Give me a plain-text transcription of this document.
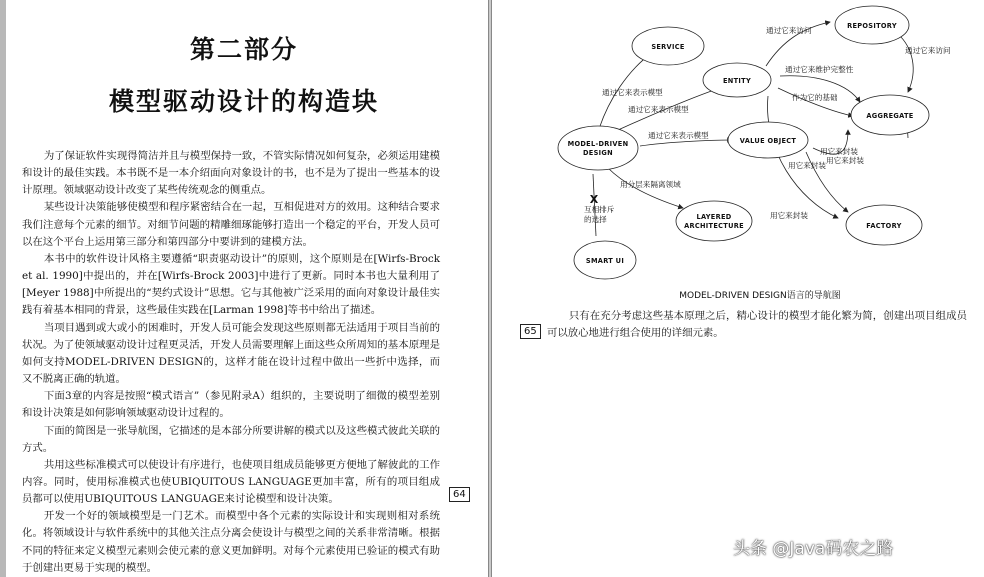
第二部分
模型驱动设计的构造块

为了保证软件实现得简洁并且与模型保持一致，不管实际情况如何复杂，必须运用建模和设计的最佳实践。本书既不是一本介绍面向对象设计的书，也不是为了提出一些基本的设计原理。领域驱动设计改变了某些传统观念的侧重点。

某些设计决策能够使模型和程序紧密结合在一起，互相促进对方的效用。这种结合要求我们注意每个元素的细节。对细节问题的精雕细琢能够打造出一个稳定的平台，开发人员可以在这个平台上运用第三部分和第四部分中要讲到的建模方法。

本书中的软件设计风格主要遵循“职责驱动设计”的原则，这个原则是在[Wirfs-Brock et al. 1990]中提出的，并在[Wirfs-Brock 2003]中进行了更新。同时本书也大量利用了[Meyer 1988]中所提出的“契约式设计”思想。它与其他被广泛采用的面向对象设计最佳实践有着基本相同的背景，这些最佳实践在[Larman 1998]等书中给出了描述。

当项目遇到或大或小的困难时，开发人员可能会发现这些原则都无法适用于项目当前的状况。为了使领域驱动设计过程更灵活，开发人员需要理解上面这些众所周知的基本原理是如何支持MODEL-DRIVEN DESIGN的，这样才能在设计过程中做出一些折中选择，而又不脱离正确的轨道。

下面3章的内容是按照“模式语言”（参见附录A）组织的，主要说明了细微的模型差别和设计决策是如何影响领域驱动设计过程的。

下面的简图是一张导航图，它描述的是本部分所要讲解的模式以及这些模式彼此关联的方式。

共用这些标准模式可以使设计有序进行，也使项目组成员能够更方便地了解彼此的工作内容。同时，使用标准模式也使UBIQUITOUS LANGUAGE更加丰富，所有的项目组成员都可以使用UBIQUITOUS LANGUAGE来讨论模型和设计决策。

开发一个好的领域模型是一门艺术。而模型中各个元素的实际设计和实现则相对系统化。将领域设计与软件系统中的其他关注点分离会使设计与模型之间的关系非常清晰。根据不同的特征来定义模型元素则会使元素的意义更加鲜明。对每个元素使用已验证的模式有助于创建出更易于实现的模型。

64
REPOSITORY
SERVICE
ENTITY
AGGREGATE
MODEL-DRIVEN
DESIGN
VALUE OBJECT
LAYERED
ARCHITECTURE	FACTORY
SMART UI
通过它来访问
通过它来访问
通过它来维护完整性
作为它的基础
通过它来表示模型
通过它来表示模型
通过它来表示模型
用分层来隔离领域
X
互相排斥
的选择
用它来封装
用它来封装
用它来封装
用它来封装
MODEL-DRIVEN DESIGN语言的导航图

只有在充分考虑这些基本原理之后，精心设计的模型才能化繁为简，创建出项目组成员可以放心地进行组合使用的详细元素。

65
头条 @Java码农之路
